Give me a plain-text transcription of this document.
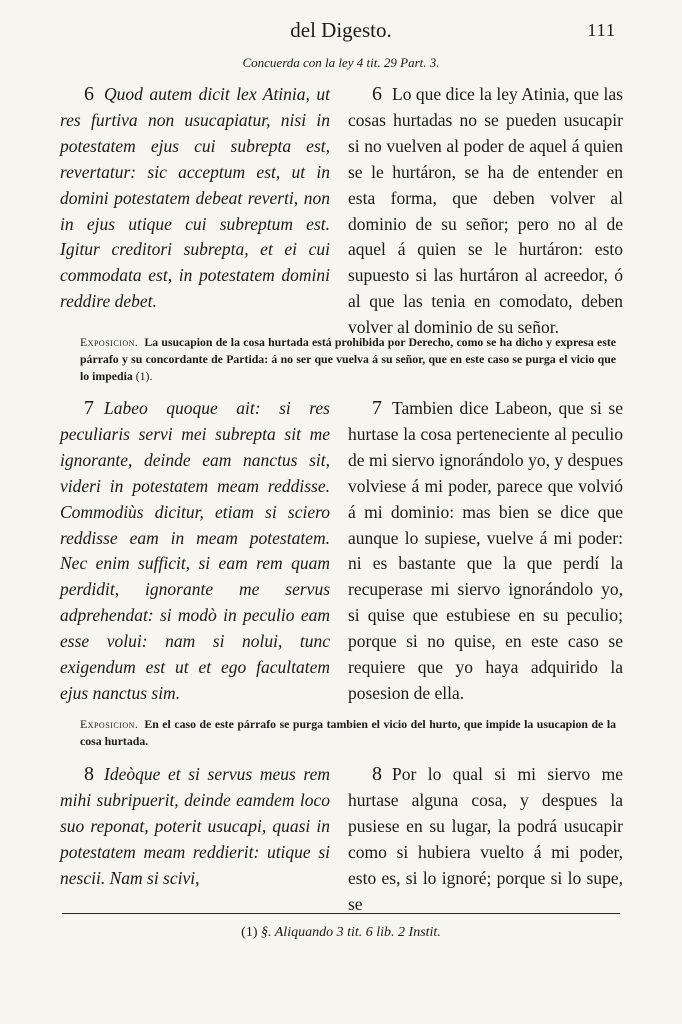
del Digesto.	111
Concuerda con la ley 4 tit. 29 Part. 3.

6 Quod autem dicit lex Atinia, ut res furtiva non usucapiatur, nisi in potestatem ejus cui subrepta est, revertatur: sic acceptum est, ut in domini potestatem debeat reverti, non in ejus utique cui subreptum est. Igitur creditori subrepta, et ei cui commodata est, in potestatem domini reddire debet.

6 Lo que dice la ley Atinia, que las cosas hurtadas no se pueden usucapir si no vuelven al poder de aquel á quien se le hurtáron, se ha de entender en esta forma, que deben volver al dominio de su señor; pero no al de aquel á quien se le hurtáron: esto supuesto si las hurtáron al acreedor, ó al que las tenia en comodato, deben volver al dominio de su señor.

Exposicion. La usucapion de la cosa hurtada está prohibida por Derecho, como se ha dicho y expresa este párrafo y su concordante de Partida: á no ser que vuelva á su señor, que en este caso se purga el vicio que lo impedia (1).

7 Labeo quoque ait: si res peculiaris servi mei subrepta sit me ignorante, deinde eam nanctus sit, videri in potestatem meam reddisse. Commodiùs dicitur, etiam si sciero reddisse eam in meam potestatem. Nec enim sufficit, si eam rem quam perdidit, ignorante me servus adprehendat: si modò in peculio eam esse volui: nam si nolui, tunc exigendum est ut et ego facultatem ejus nanctus sim.

7 Tambien dice Labeon, que si se hurtase la cosa perteneciente al peculio de mi siervo ignorándolo yo, y despues volviese á mi poder, parece que volvió á mi dominio: mas bien se dice que aunque lo supiese, vuelve á mi poder: ni es bastante que la que perdí la recuperase mi siervo ignorándolo yo, si quise que estubiese en su peculio; porque si no quise, en este caso se requiere que yo haya adquirido la posesion de ella.

Exposicion. En el caso de este párrafo se purga tambien el vicio del hurto, que impide la usucapion de la cosa hurtada.

8 Ideòque et si servus meus rem mihi subripuerit, deinde eamdem loco suo reponat, poterit usucapi, quasi in potestatem meam reddierit: utique si nescii. Nam si scivi,

8 Por lo qual si mi siervo me hurtase alguna cosa, y despues la pusiese en su lugar, la podrá usucapir como si hubiera vuelto á mi poder, esto es, si lo ignoré; porque si lo supe, se

(1) §. Aliquando 3 tit. 6 lib. 2 Instit.
